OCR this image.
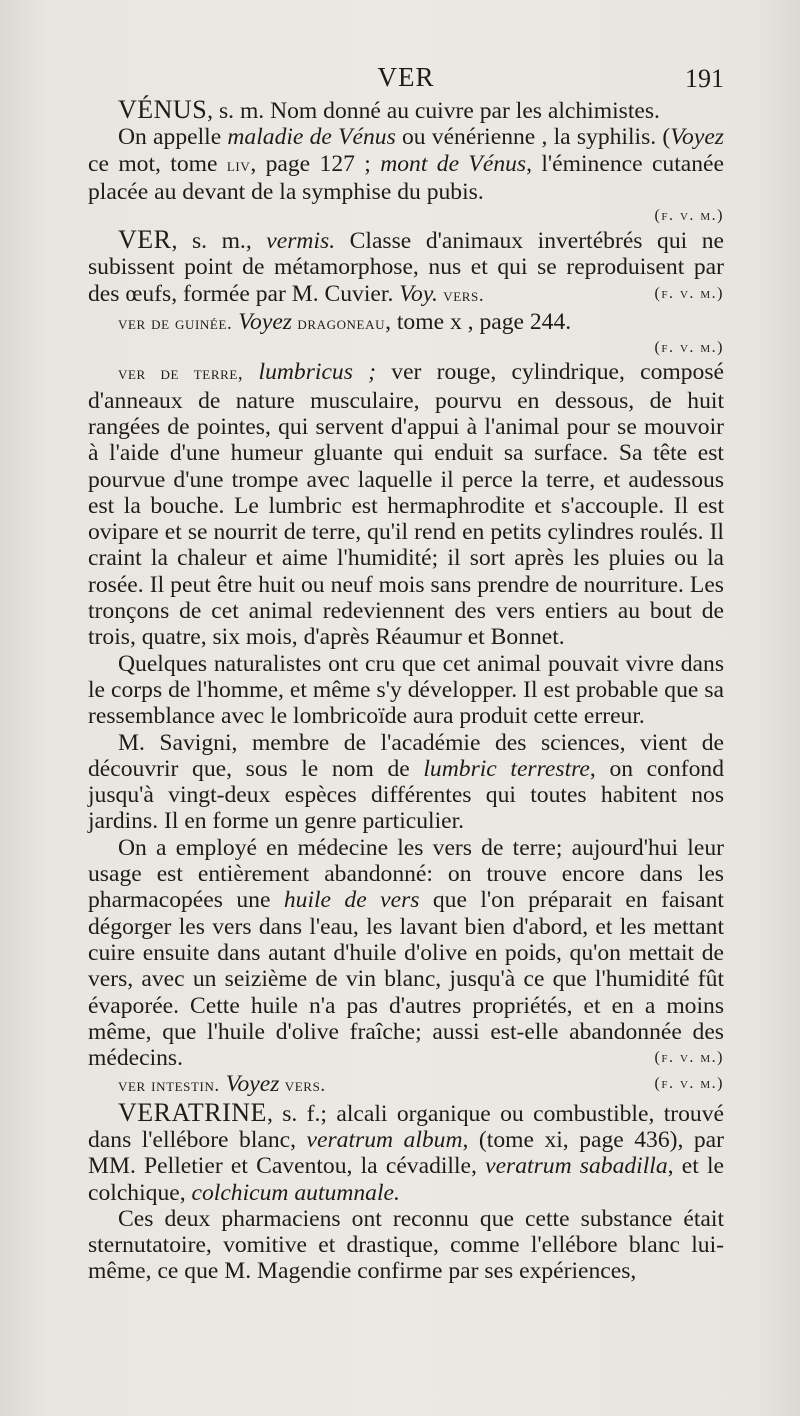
VER	191

VÉNUS, s. m. Nom donné au cuivre par les alchimistes.

On appelle maladie de Vénus ou vénérienne , la syphilis. (Voyez ce mot, tome liv, page 127 ; mont de Vénus, l'éminence cutanée placée au devant de la symphise du pubis.

(f. v. m.)

VER, s. m., vermis. Classe d'animaux invertébrés qui ne subissent point de métamorphose, nus et qui se reproduisent par des œufs, formée par M. Cuvier. Voy. vers.	(f. v. m.)

ver de guinée. Voyez dragoneau, tome x , page 244.

(f. v. m.)

ver de terre, lumbricus ; ver rouge, cylindrique, composé d'anneaux de nature musculaire, pourvu en dessous, de huit rangées de pointes, qui servent d'appui à l'animal pour se mouvoir à l'aide d'une humeur gluante qui enduit sa surface. Sa tête est pourvue d'une trompe avec laquelle il perce la terre, et audessous est la bouche. Le lumbric est hermaphrodite et s'accouple. Il est ovipare et se nourrit de terre, qu'il rend en petits cylindres roulés. Il craint la chaleur et aime l'humidité; il sort après les pluies ou la rosée. Il peut être huit ou neuf mois sans prendre de nourriture. Les tronçons de cet animal redeviennent des vers entiers au bout de trois, quatre, six mois, d'après Réaumur et Bonnet.

Quelques naturalistes ont cru que cet animal pouvait vivre dans le corps de l'homme, et même s'y développer. Il est probable que sa ressemblance avec le lombricoïde aura produit cette erreur.

M. Savigni, membre de l'académie des sciences, vient de découvrir que, sous le nom de lumbric terrestre, on confond jusqu'à vingt-deux espèces différentes qui toutes habitent nos jardins. Il en forme un genre particulier.

On a employé en médecine les vers de terre; aujourd'hui leur usage est entièrement abandonné: on trouve encore dans les pharmacopées une huile de vers que l'on préparait en faisant dégorger les vers dans l'eau, les lavant bien d'abord, et les mettant cuire ensuite dans autant d'huile d'olive en poids, qu'on mettait de vers, avec un seizième de vin blanc, jusqu'à ce que l'humidité fût évaporée. Cette huile n'a pas d'autres propriétés, et en a moins même, que l'huile d'olive fraîche; aussi est-elle abandonnée des médecins.	(f. v. m.)

ver intestin. Voyez vers.	(f. v. m.)

VERATRINE, s. f.; alcali organique ou combustible, trouvé dans l'ellébore blanc, veratrum album, (tome xi, page 436), par MM. Pelletier et Caventou, la cévadille, veratrum sabadilla, et le colchique, colchicum autumnale.

Ces deux pharmaciens ont reconnu que cette substance était sternutatoire, vomitive et drastique, comme l'ellébore blanc lui-même, ce que M. Magendie confirme par ses expériences,
